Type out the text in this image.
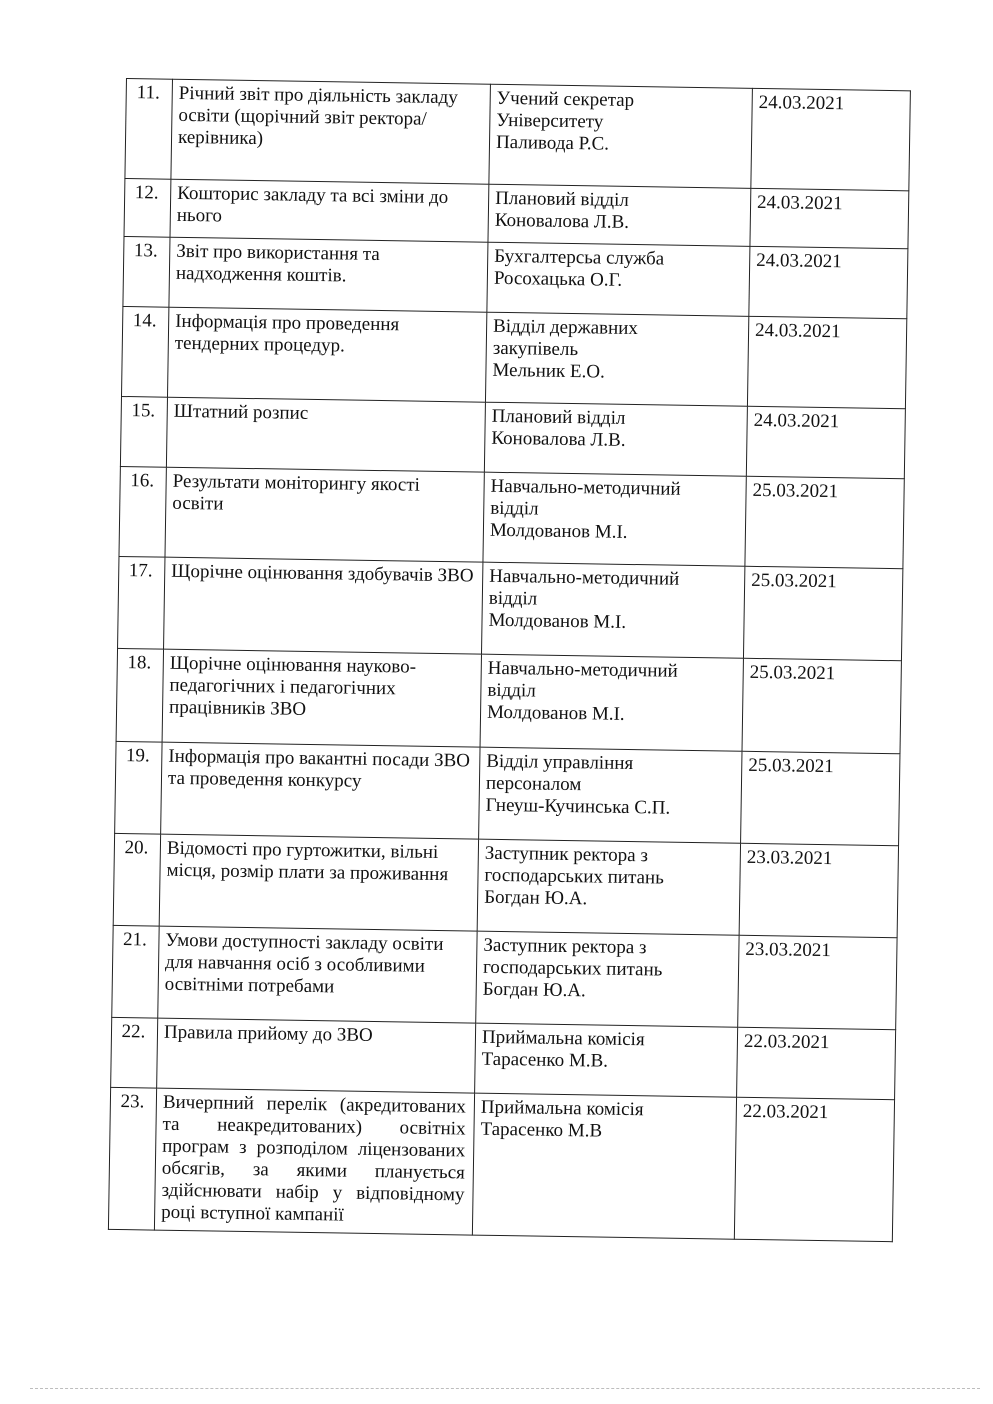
11.	Річний звіт про діяльність закладу освіти (щорічний звіт ректора/керівника)	Учений секретар
Університету
Паливода Р.С.	24.03.2021
12.	Кошторис закладу та всі зміни до нього	Плановий відділ
Коновалова Л.В.	24.03.2021
13.	Звіт про використання та надходження коштів.	Бухгалтерсьа служба
Росохацька О.Г.	24.03.2021
14.	Інформація про проведення тендерних процедур.	Відділ державних
закупівель
Мельник Е.О.	24.03.2021
15.	Штатний розпис	Плановий відділ
Коновалова Л.В.	24.03.2021
16.	Результати моніторингу якості освіти	Навчально-методичний
відділ
Молдованов М.І.	25.03.2021
17.	Щорічне оцінювання здобувачів ЗВО	Навчально-методичний
відділ
Молдованов М.І.	25.03.2021
18.	Щорічне оцінювання науково-педагогічних і педагогічних працівників ЗВО	Навчально-методичний
відділ
Молдованов М.І.	25.03.2021
19.	Інформація про вакантні посади ЗВО та проведення конкурсу	Відділ управління
персоналом
Гнеуш-Кучинська С.П.	25.03.2021
20.	Відомості про гуртожитки, вільні місця, розмір плати за проживання	Заступник ректора з
господарських питань
Богдан Ю.А.	23.03.2021
21.	Умови доступності закладу освіти для навчання осіб з особливими освітніми потребами	Заступник ректора з
господарських питань
Богдан Ю.А.	23.03.2021
22.	Правила прийому до ЗВО	Приймальна комісія
Тарасенко М.В.	22.03.2021
23.	Вичерпний перелік (акредитованих та неакредитованих) освітніх програм з розподілом ліцензованих обсягів, за якими планується здійснювати набір у відповідному році вступної кампанії	Приймальна комісія
Тарасенко М.В	22.03.2021
